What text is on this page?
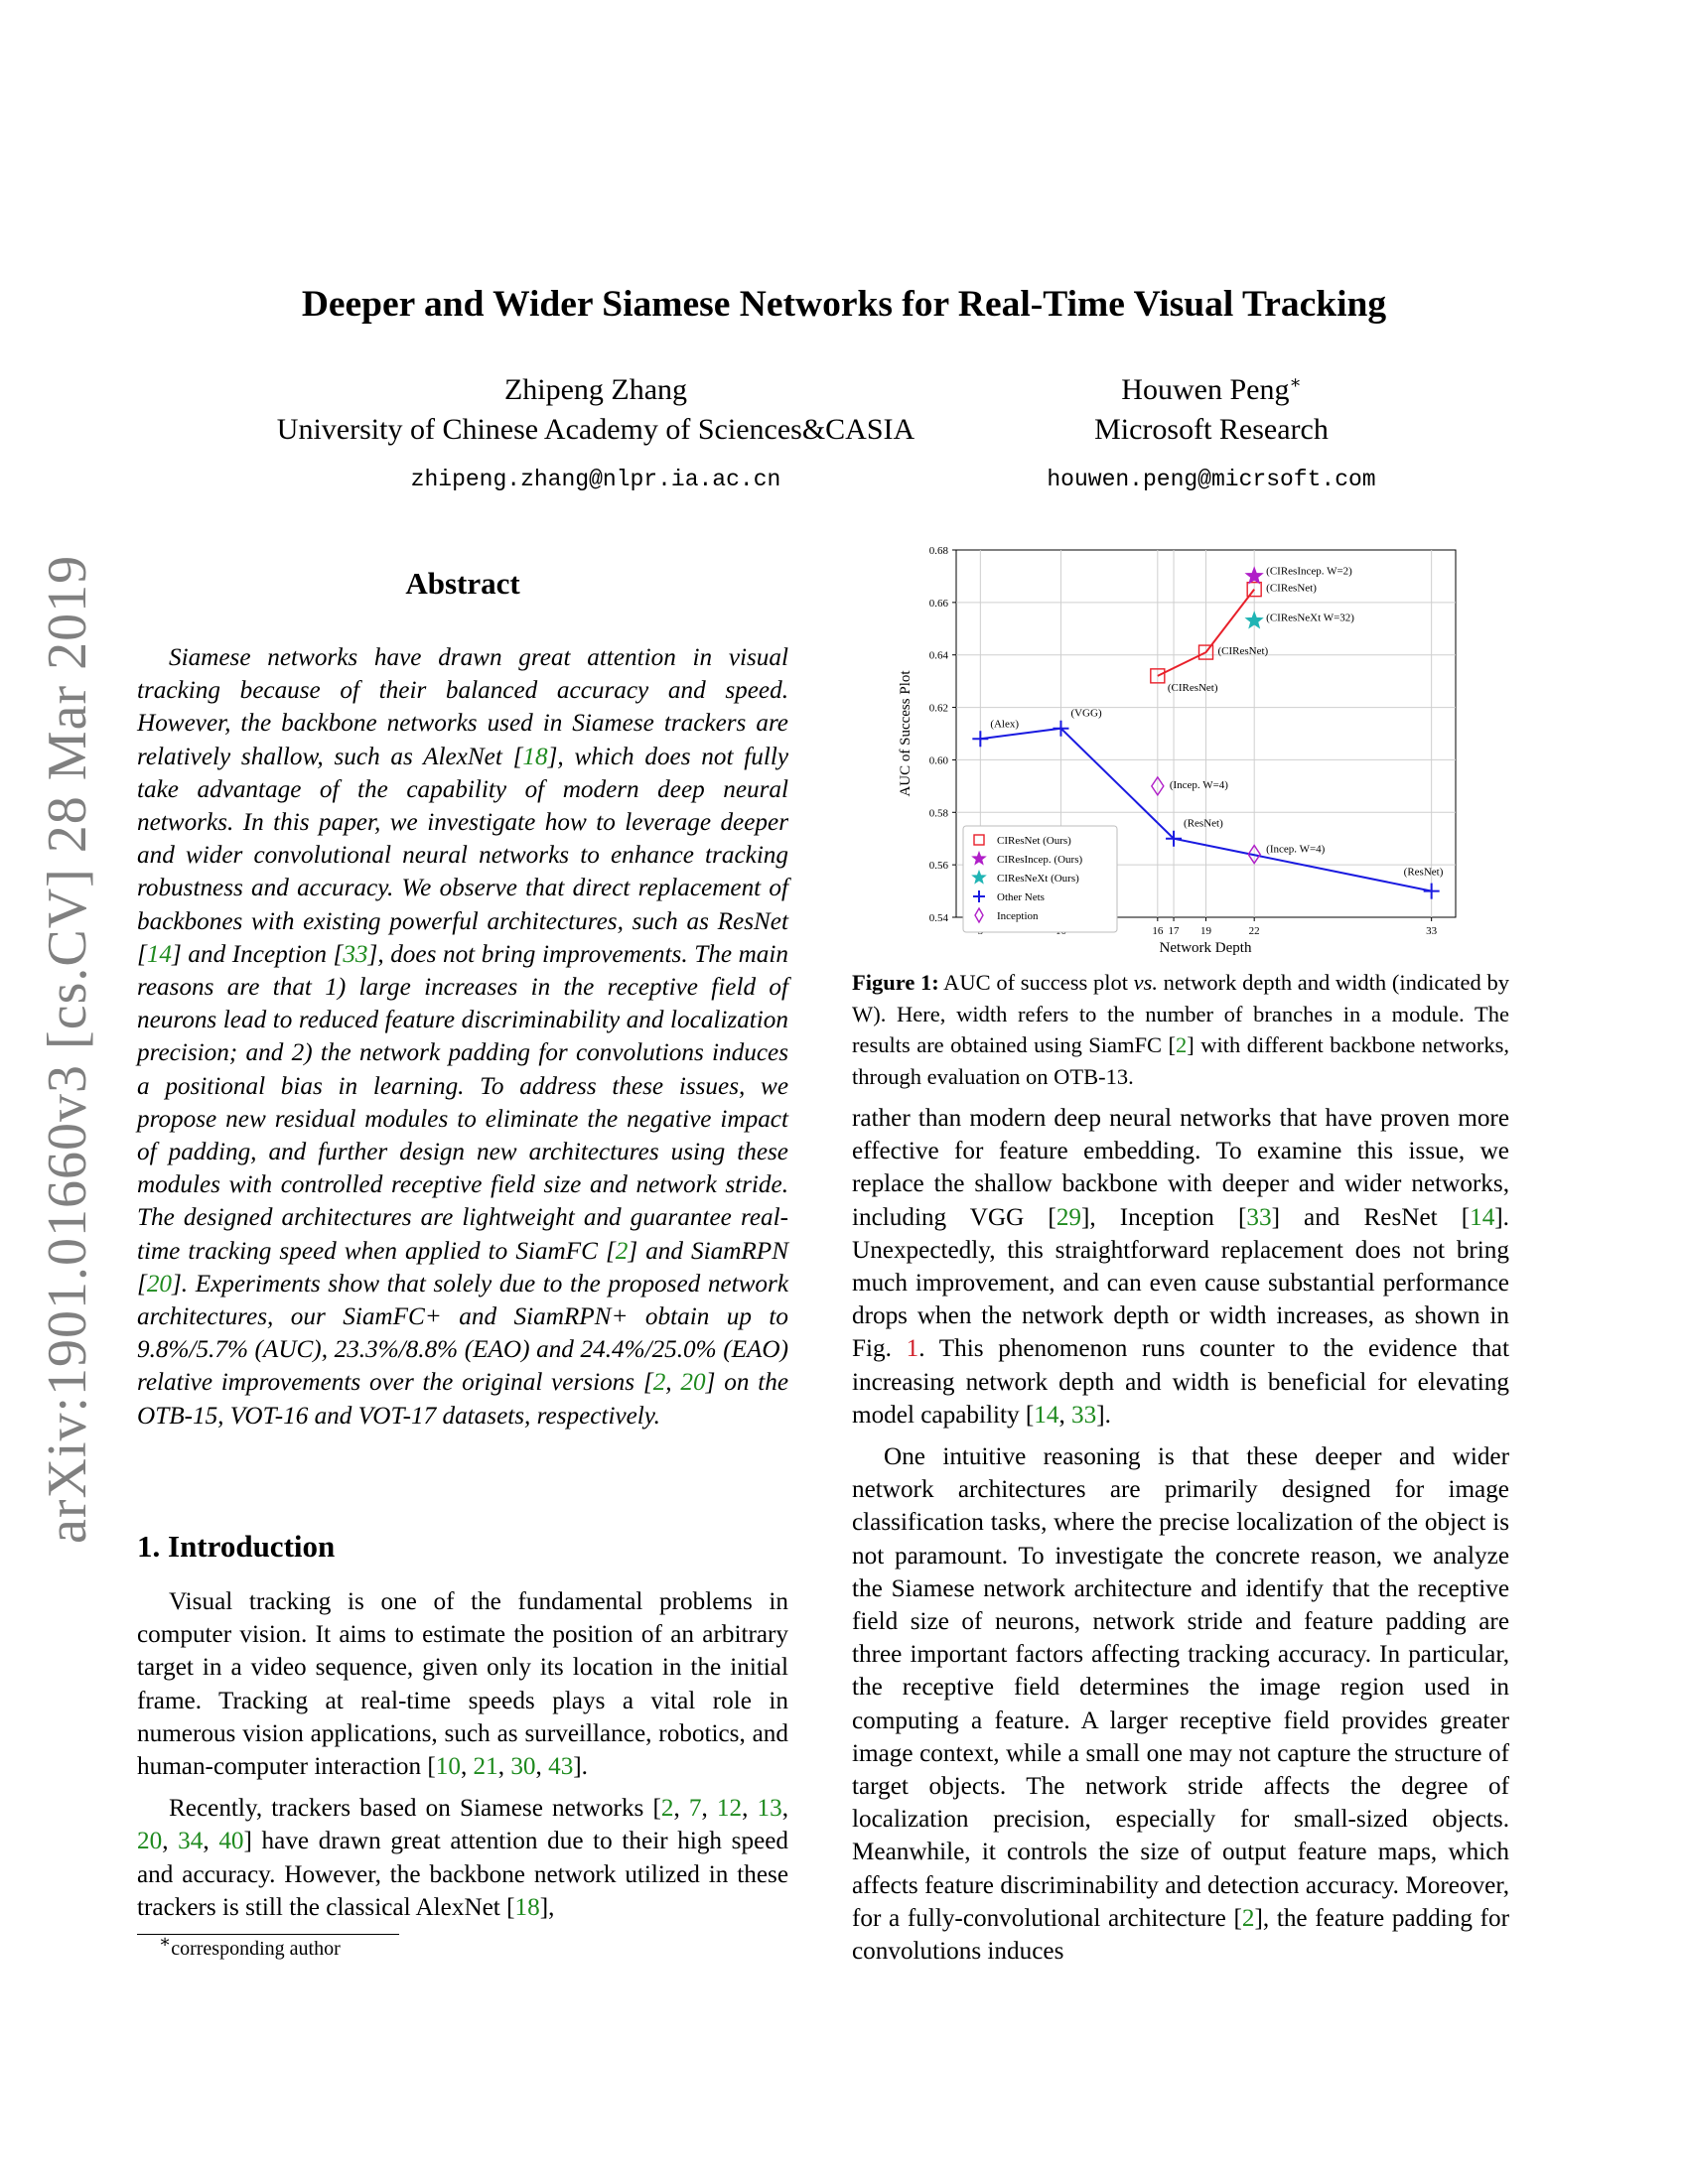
arXiv:1901.01660v3 [cs.CV] 28 Mar 2019
Deeper and Wider Siamese Networks for Real-Time Visual Tracking
Zhipeng Zhang
University of Chinese Academy of Sciences&CASIA
zhipeng.zhang@nlpr.ia.ac.cn
Houwen Peng∗
Microsoft Research
houwen.peng@micrsoft.com
Abstract

Siamese networks have drawn great attention in visual tracking because of their balanced accuracy and speed. However, the backbone networks used in Siamese trackers are relatively shallow, such as AlexNet [18], which does not fully take advantage of the capability of modern deep neural networks. In this paper, we investigate how to leverage deeper and wider convolutional neural networks to enhance tracking robustness and accuracy. We observe that direct replacement of backbones with existing powerful architectures, such as ResNet [14] and Inception [33], does not bring improvements. The main reasons are that 1) large increases in the receptive field of neurons lead to reduced feature discriminability and localization precision; and 2) the network padding for convolutions induces a positional bias in learning. To address these issues, we propose new residual modules to eliminate the negative impact of padding, and further design new architectures using these modules with controlled receptive field size and network stride. The designed architectures are lightweight and guarantee real-time tracking speed when applied to SiamFC [2] and SiamRPN [20]. Experiments show that solely due to the proposed network architectures, our SiamFC+ and SiamRPN+ obtain up to 9.8%/5.7% (AUC), 23.3%/8.8% (EAO) and 24.4%/25.0% (EAO) relative improvements over the original versions [2, 20] on the OTB-15, VOT-16 and VOT-17 datasets, respectively.

1. Introduction

Visual tracking is one of the fundamental problems in computer vision. It aims to estimate the position of an arbitrary target in a video sequence, given only its location in the initial frame. Tracking at real-time speeds plays a vital role in numerous vision applications, such as surveillance, robotics, and human-computer interaction [10, 21, 30, 43].

Recently, trackers based on Siamese networks [2, 7, 12, 13, 20, 34, 40] have drawn great attention due to their high speed and accuracy. However, the backbone network utilized in these trackers is still the classical AlexNet [18],

∗corresponding author
0.54
0.56
0.58
0.60
0.62
0.64
0.66
0.68
16 17 19	22	33
(CIResNet)
(CIResNet)
(CIResNet)
(CIResIncep. W=2)
(CIResNeXt W=32)
(Alex)
(VGG)
(ResNet)
(ResNet)
(Incep. W=4)
(Incep. W=4)
Network Depth
AUC of Success Plot
CIResNet (Ours)
CIResIncep. (Ours)
CIResNeXt (Ours)
Other Nets
Inception
Figure 1: AUC of success plot vs. network depth and width (indicated by W). Here, width refers to the number of branches in a module. The results are obtained using SiamFC [2] with different backbone networks, through evaluation on OTB-13.

rather than modern deep neural networks that have proven more effective for feature embedding. To examine this issue, we replace the shallow backbone with deeper and wider networks, including VGG [29], Inception [33] and ResNet [14]. Unexpectedly, this straightforward replacement does not bring much improvement, and can even cause substantial performance drops when the network depth or width increases, as shown in Fig. 1. This phenomenon runs counter to the evidence that increasing network depth and width is beneficial for elevating model capability [14, 33].

One intuitive reasoning is that these deeper and wider network architectures are primarily designed for image classification tasks, where the precise localization of the object is not paramount. To investigate the concrete reason, we analyze the Siamese network architecture and identify that the receptive field size of neurons, network stride and feature padding are three important factors affecting tracking accuracy. In particular, the receptive field determines the image region used in computing a feature. A larger receptive field provides greater image context, while a small one may not capture the structure of target objects. The network stride affects the degree of localization precision, especially for small-sized objects. Meanwhile, it controls the size of output feature maps, which affects feature discriminability and detection accuracy. Moreover, for a fully-convolutional architecture [2], the feature padding for convolutions induces
